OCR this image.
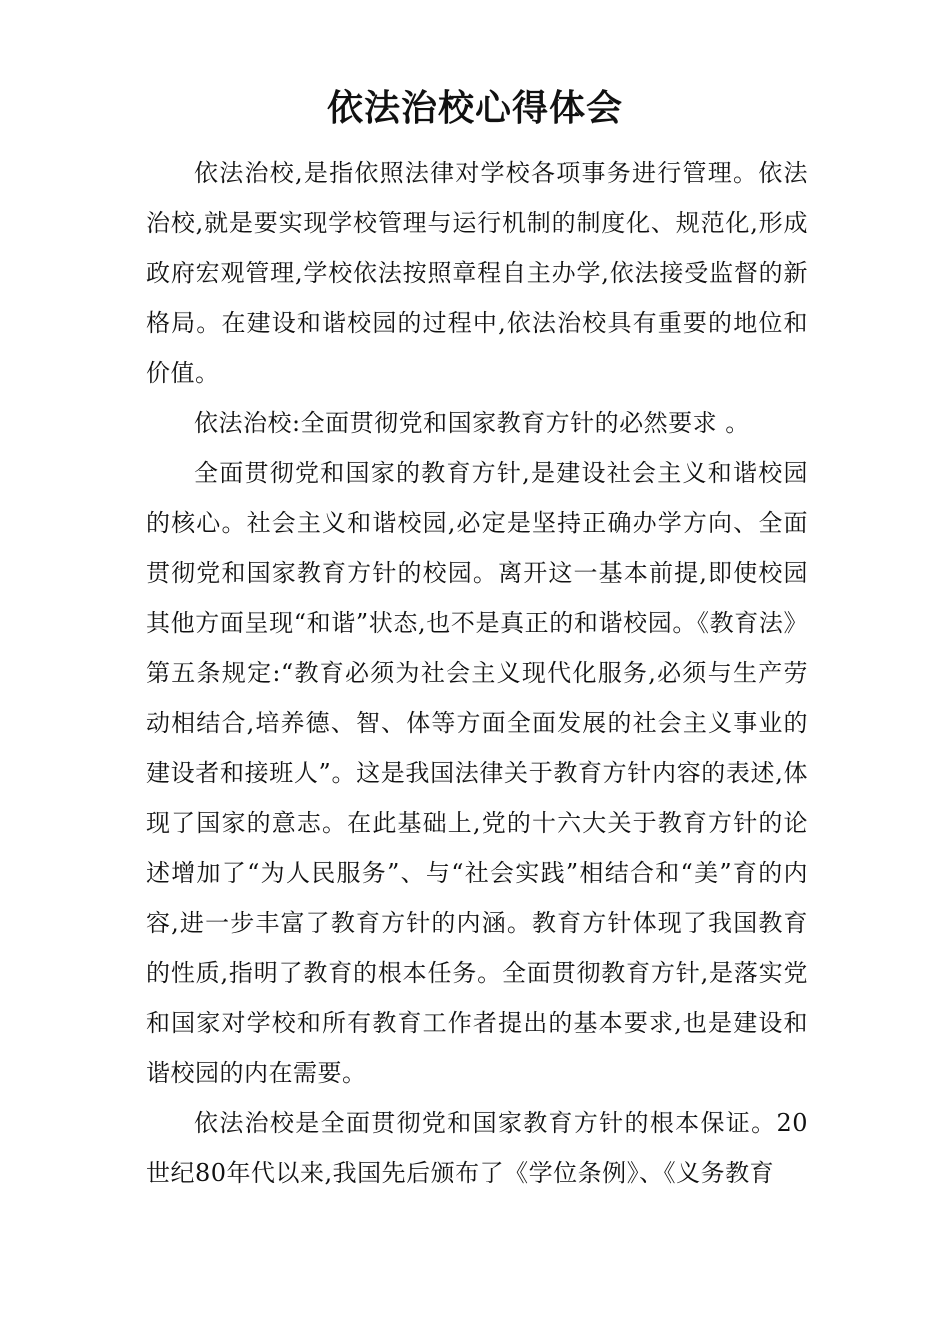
依法治校心得体会

依法治校,是指依照法律对学校各项事务进行管理。依法治校,就是要实现学校管理与运行机制的制度化、规范化,形成政府宏观管理,学校依法按照章程自主办学,依法接受监督的新格局。在建设和谐校园的过程中,依法治校具有重要的地位和价值。

依法治校:全面贯彻党和国家教育方针的必然要求 。

全面贯彻党和国家的教育方针,是建设社会主义和谐校园的核心。社会主义和谐校园,必定是坚持正确办学方向、全面贯彻党和国家教育方针的校园。离开这一基本前提,即使校园其他方面呈现“和谐”状态,也不是真正的和谐校园。《教育法》第五条规定:“教育必须为社会主义现代化服务,必须与生产劳动相结合,培养德、智、体等方面全面发展的社会主义事业的建设者和接班人”。这是我国法律关于教育方针内容的表述,体现了国家的意志。在此基础上,党的十六大关于教育方针的论述增加了“为人民服务”、与“社会实践”相结合和“美”育的内容,进一步丰富了教育方针的内涵。教育方针体现了我国教育的性质,指明了教育的根本任务。全面贯彻教育方针,是落实党和国家对学校和所有教育工作者提出的基本要求,也是建设和谐校园的内在需要。

依法治校是全面贯彻党和国家教育方针的根本保证。20世纪80年代以来,我国先后颁布了《学位条例》、《义务教育
